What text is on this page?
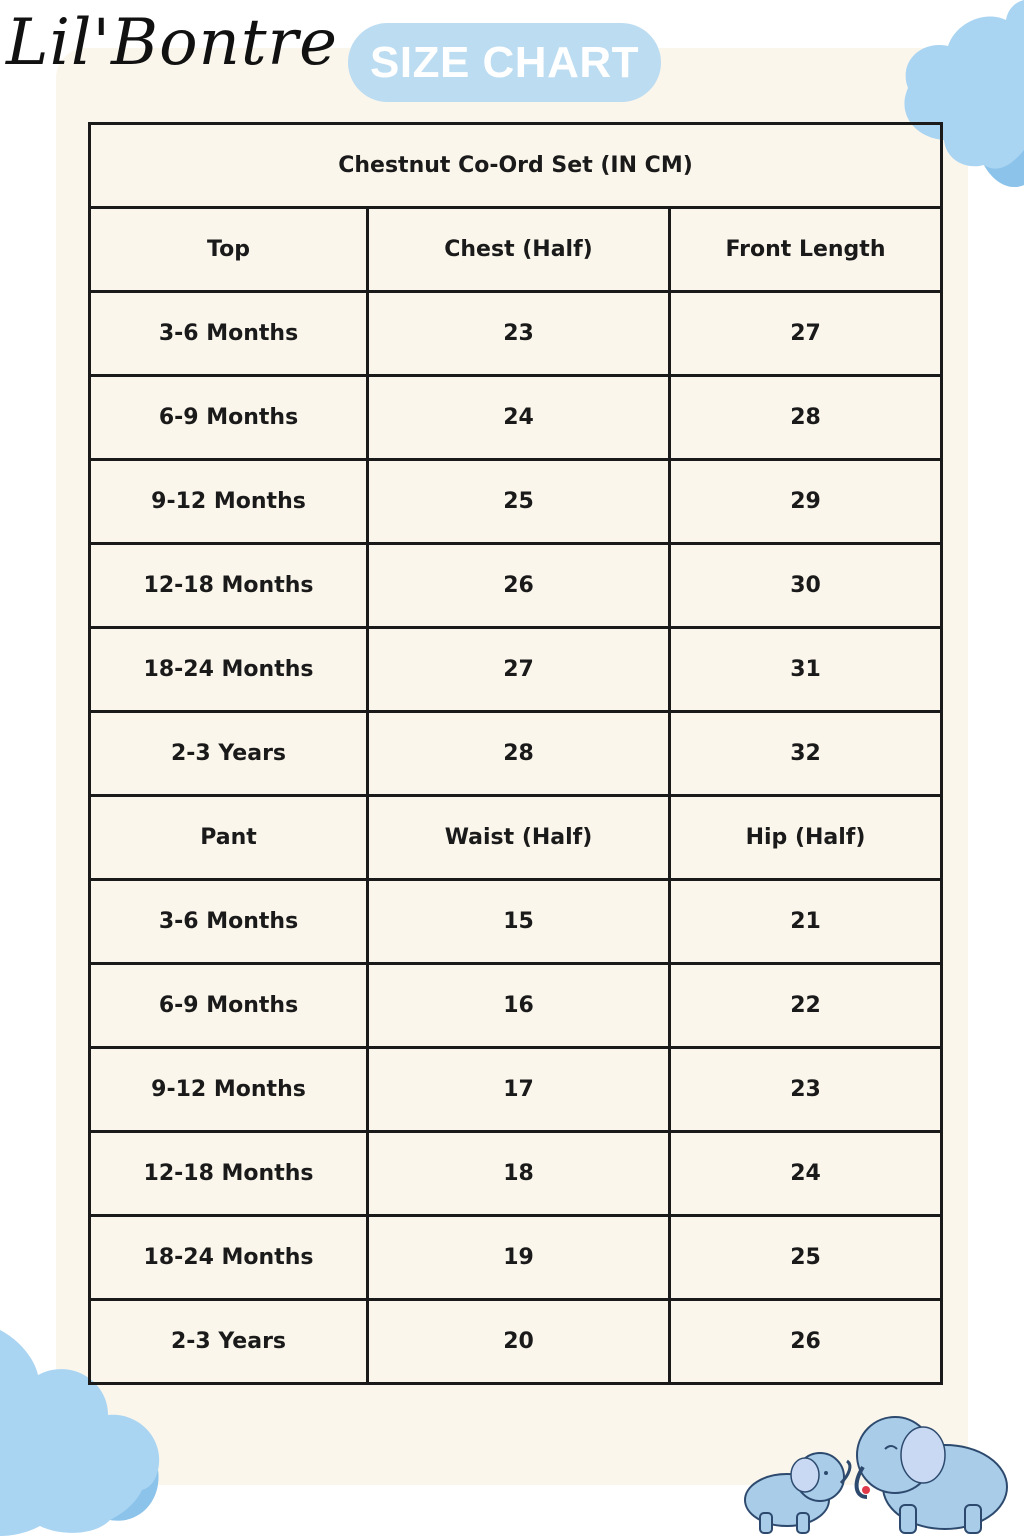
Lil'Bontre SIZE CHART
Chestnut Co-Ord Set (IN CM)		
Top	Chest (Half)	Front Length
3-6 Months	23	27
6-9 Months	24	28
9-12 Months	25	29
12-18 Months	26	30
18-24 Months	27	31
2-3 Years	28	32
Pant	Waist (Half)	Hip (Half)
3-6 Months	15	21
6-9 Months	16	22
9-12 Months	17	23
12-18 Months	18	24
18-24 Months	19	25
2-3 Years	20	26
